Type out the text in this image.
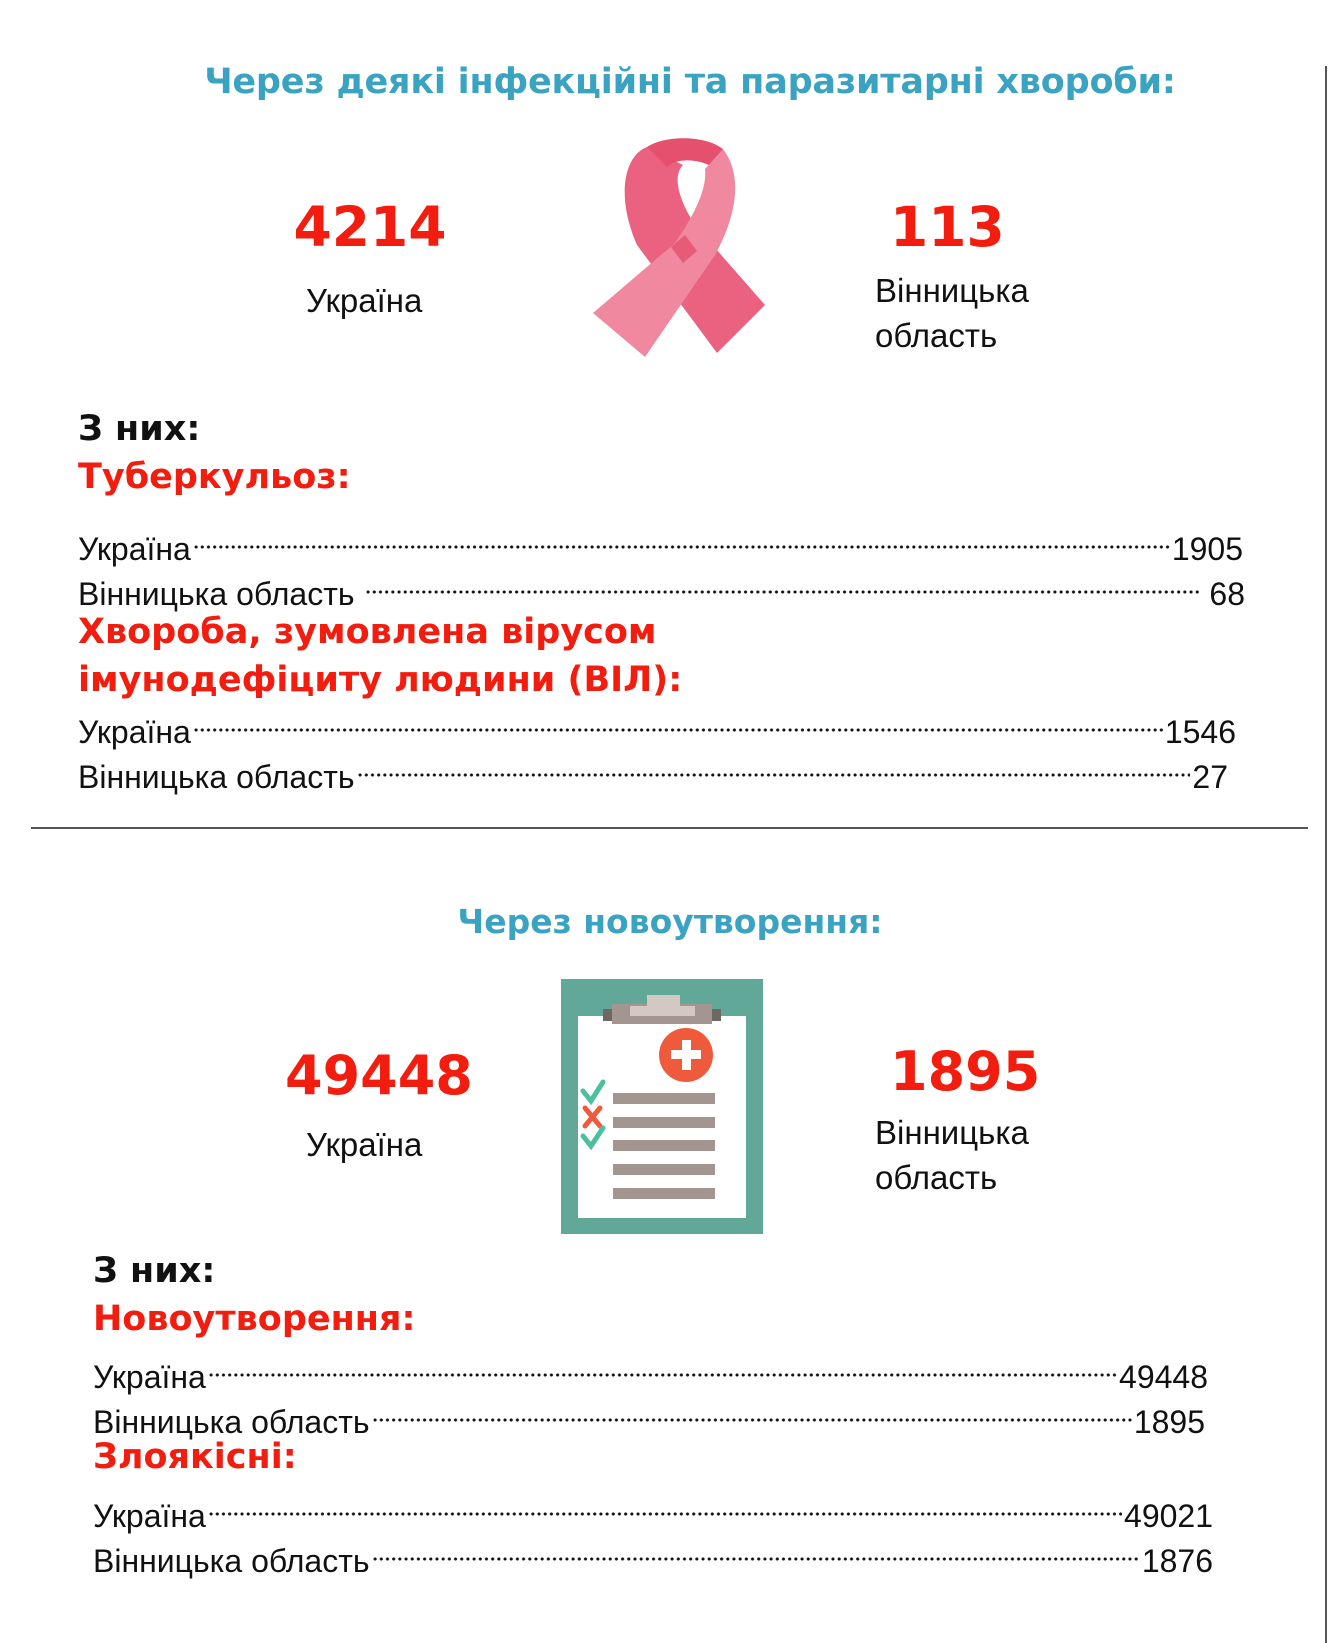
Через деякі інфекційні та паразитарні хвороби:
4214
Україна
113
Вінницька
область
З них:
Туберкульоз:
Україна	1905
Вінницька область	68
Хвороба, зумовлена вірусом
імунодефіциту людини (ВІЛ):
Україна	1546
Вінницька область	27
Через новоутворення:
49448
Україна
1895
Вінницька
область
З них:
Новоутворення:
Україна	49448
Вінницька область	1895
Злоякісні:
Україна	49021
Вінницька область	1876
